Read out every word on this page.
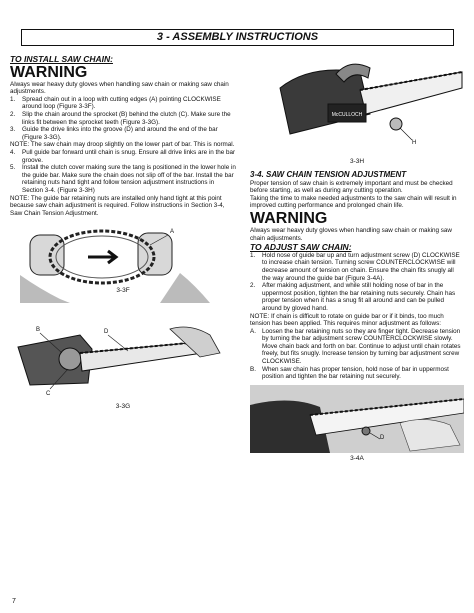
3 - ASSEMBLY INSTRUCTIONS

TO INSTALL SAW CHAIN:

WARNING

Always wear heavy duty gloves when handling saw chain or making saw chain adjustments.

1. Spread chain out in a loop with cutting edges (A) pointing CLOCKWISE around loop (Figure 3-3F).
2. Slip the chain around the sprocket (B) behind the clutch (C). Make sure the links fit between the sprocket teeth (Figure 3-3G).
3. Guide the drive links into the groove (D) and around the end of the bar (Figure 3-3G).

NOTE: The saw chain may droop slightly on the lower part of bar. This is normal.

4. Pull guide bar forward until chain is snug. Ensure all drive links are in the bar groove.
5. Install the clutch cover making sure the tang is positioned in the lower hole in the guide bar. Make sure the chain does not slip off of the bar. Install the bar retaining nuts hand tight and follow tension adjustment instructions in Section 3-4. (Figure 3-3H)

NOTE: The guide bar retaining nuts are installed only hand tight at this point because saw chain adjustment is required. Follow instructions in Section 3-4, Saw Chain Tension Adjustment.

A
3-3F
B	D
C
3-3G
McCULLOCH
H
3-3H

3-4. SAW CHAIN TENSION ADJUSTMENT

Proper tension of saw chain is extremely important and must be checked before starting, as well as during any cutting operation.

Taking the time to make needed adjustments to the saw chain will result in improved cutting performance and prolonged chain life.

WARNING

Always wear heavy duty gloves when handling saw chain or making saw chain adjustments.

TO ADJUST SAW CHAIN:

1. Hold nose of guide bar up and turn adjustment screw (D) CLOCKWISE to increase chain tension. Turning screw COUNTERCLOCKWISE will decrease amount of tension on chain. Ensure the chain fits snugly all the way around the guide bar (Figure 3-4A).
2. After making adjustment, and while still holding nose of bar in the uppermost position, tighten the bar retaining nuts securely. Chain has proper tension when it has a snug fit all around and can be pulled around by gloved hand.

NOTE: If chain is difficult to rotate on guide bar or if it binds, too much tension has been applied. This requires minor adjustment as follows:

A. Loosen the bar retaining nuts so they are finger tight. Decrease tension by turning the bar adjustment screw COUNTERCLOCKWISE slowly. Move chain back and forth on bar. Continue to adjust until chain rotates freely, but fits snugly. Increase tension by turning bar adjustment screw CLOCKWISE.
B. When saw chain has proper tension, hold nose of bar in uppermost position and tighten the bar retaining nut securely.
D
3-4A
7
